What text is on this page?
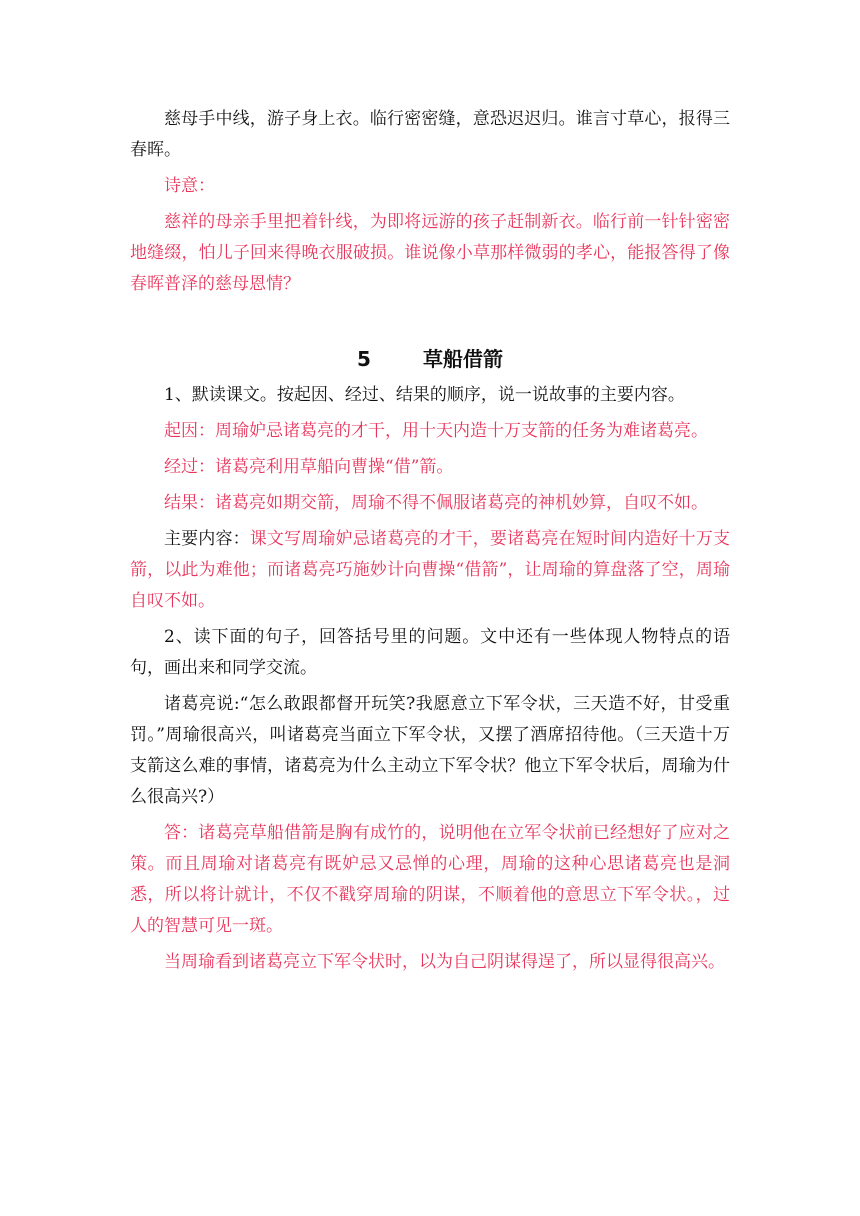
慈母手中线，游子身上衣。临行密密缝，意恐迟迟归。谁言寸草心，报得三春晖。

诗意：

慈祥的母亲手里把着针线，为即将远游的孩子赶制新衣。临行前一针针密密地缝缀，怕儿子回来得晚衣服破损。谁说像小草那样微弱的孝心，能报答得了像春晖普泽的慈母恩情？

5	草船借箭

1、默读课文。按起因、经过、结果的顺序，说一说故事的主要内容。

起因：周瑜妒忌诸葛亮的才干，用十天内造十万支箭的任务为难诸葛亮。

经过：诸葛亮利用草船向曹操“借”箭。

结果：诸葛亮如期交箭，周瑜不得不佩服诸葛亮的神机妙算，自叹不如。

主要内容：课文写周瑜妒忌诸葛亮的才干，要诸葛亮在短时间内造好十万支箭，以此为难他；而诸葛亮巧施妙计向曹操“借箭”，让周瑜的算盘落了空，周瑜自叹不如。

2、读下面的句子，回答括号里的问题。文中还有一些体现人物特点的语句，画出来和同学交流。

诸葛亮说:“怎么敢跟都督开玩笑?我愿意立下军令状，三天造不好，甘受重罚。”周瑜很高兴，叫诸葛亮当面立下军令状，又摆了酒席招待他。（三天造十万支箭这么难的事情，诸葛亮为什么主动立下军令状？他立下军令状后，周瑜为什么很高兴?）

答：诸葛亮草船借箭是胸有成竹的，说明他在立军令状前已经想好了应对之策。而且周瑜对诸葛亮有既妒忌又忌惮的心理，周瑜的这种心思诸葛亮也是洞悉，所以将计就计，不仅不戳穿周瑜的阴谋，不顺着他的意思立下军令状。，过人的智慧可见一斑。

当周瑜看到诸葛亮立下军令状时，以为自己阴谋得逞了，所以显得很高兴。
